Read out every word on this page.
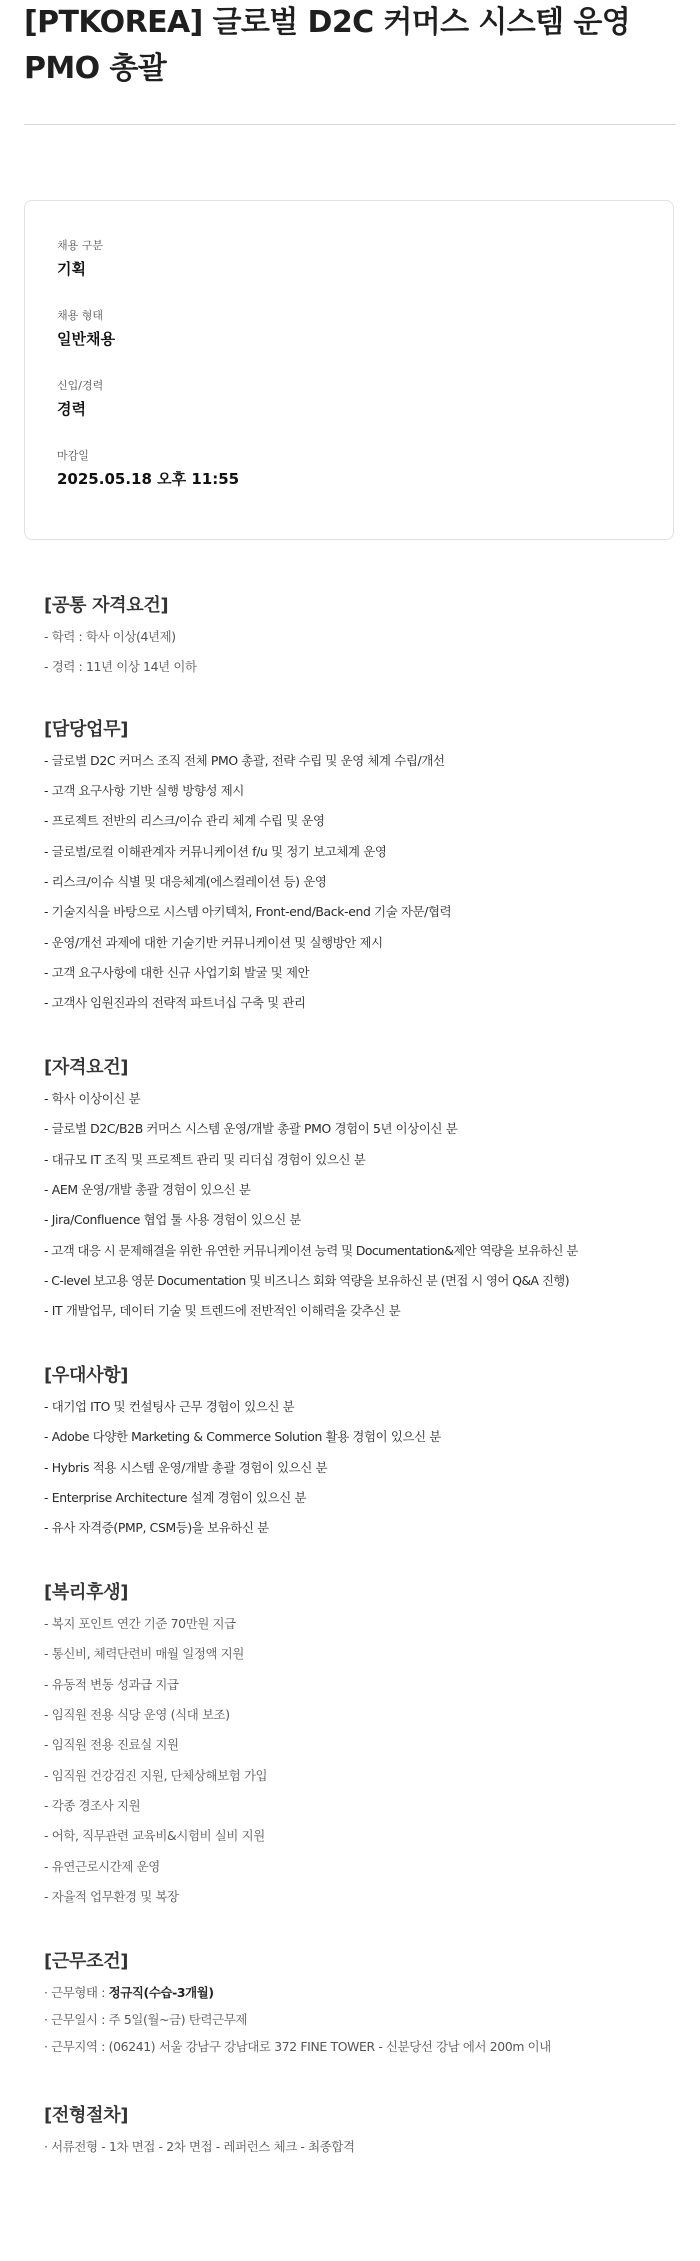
[PTKOREA] 글로벌 D2C 커머스 시스템 운영
PMO 총괄
채용 구분
기획
채용 형태
일반채용
신입/경력
경력
마감일
2025.05.18 오후 11:55
[공통 자격요건]
- 학력 : 학사 이상(4년제)
- 경력 : 11년 이상 14년 이하
[담당업무]
- 글로벌 D2C 커머스 조직 전체 PMO 총괄, 전략 수립 및 운영 체계 수립/개선
- 고객 요구사항 기반 실행 방향성 제시
- 프로젝트 전반의 리스크/이슈 관리 체계 수립 및 운영
- 글로벌/로컬 이해관계자 커뮤니케이션 f/u 및 정기 보고체계 운영
- 리스크/이슈 식별 및 대응체계(에스컬레이션 등) 운영
- 기술지식을 바탕으로 시스템 아키텍처, Front-end/Back-end 기술 자문/협력
- 운영/개선 과제에 대한 기술기반 커뮤니케이션 및 실행방안 제시
- 고객 요구사항에 대한 신규 사업기회 발굴 및 제안
- 고객사 임원진과의 전략적 파트너십 구축 및 관리
[자격요건]
- 학사 이상이신 분
- 글로벌 D2C/B2B 커머스 시스템 운영/개발 총괄 PMO 경험이 5년 이상이신 분
- 대규모 IT 조직 및 프로젝트 관리 및 리더십 경험이 있으신 분
- AEM 운영/개발 총괄 경험이 있으신 분
- Jira/Confluence 협업 툴 사용 경험이 있으신 분
- 고객 대응 시 문제해결을 위한 유연한 커뮤니케이션 능력 및 Documentation&제안 역량을 보유하신 분
- C-level 보고용 영문 Documentation 및 비즈니스 회화 역량을 보유하신 분 (면접 시 영어 Q&A 진행)
- IT 개발업무, 데이터 기술 및 트렌드에 전반적인 이해력을 갖추신 분
[우대사항]
- 대기업 ITO 및 컨설팅사 근무 경험이 있으신 분
- Adobe 다양한 Marketing & Commerce Solution 활용 경험이 있으신 분
- Hybris 적용 시스템 운영/개발 총괄 경험이 있으신 분
- Enterprise Architecture 설계 경험이 있으신 분
- 유사 자격증(PMP, CSM등)을 보유하신 분
[복리후생]
- 복지 포인트 연간 기준 70만원 지급
- 통신비, 체력단련비 매월 일정액 지원
- 유동적 변동 성과급 지급
- 임직원 전용 식당 운영 (식대 보조)
- 임직원 전용 진료실 지원
- 임직원 건강검진 지원, 단체상해보험 가입
- 각종 경조사 지원
- 어학, 직무관련 교육비&시험비 실비 지원
- 유연근로시간제 운영
- 자율적 업무환경 및 복장
[근무조건]
· 근무형태 : 정규직(수습-3개월)
· 근무일시 : 주 5일(월~금) 탄력근무제
· 근무지역 : (06241) 서울 강남구 강남대로 372 FINE TOWER - 신분당선 강남 에서 200m 이내
[전형절차]
· 서류전형 - 1차 면접 - 2차 면접 - 레퍼런스 체크 - 최종합격
